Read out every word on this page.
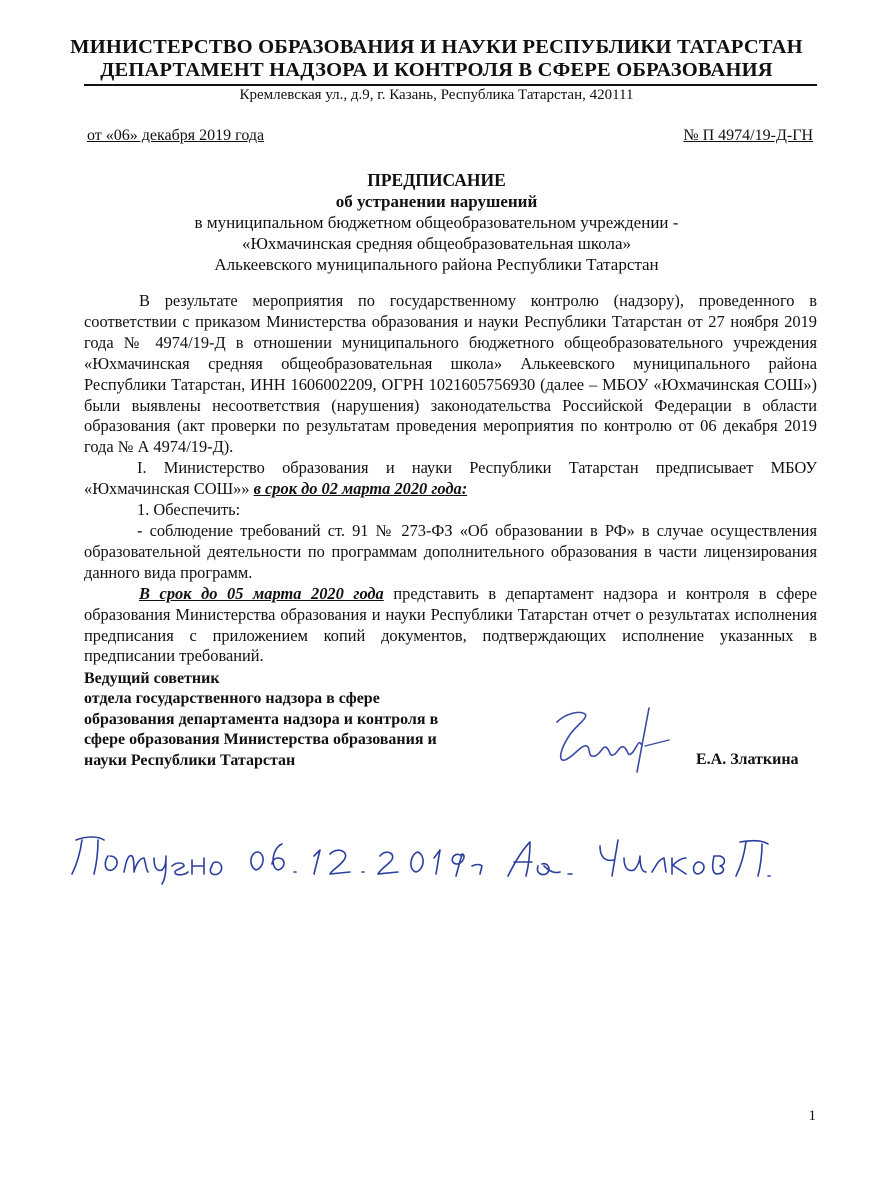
МИНИСТЕРСТВО ОБРАЗОВАНИЯ И НАУКИ РЕСПУБЛИКИ ТАТАРСТАН
ДЕПАРТАМЕНТ НАДЗОРА И КОНТРОЛЯ В СФЕРЕ ОБРАЗОВАНИЯ
Кремлевская ул., д.9, г. Казань, Республика Татарстан, 420111
от «06» декабря 2019 года	№ П 4974/19-Д-ГН
ПРЕДПИСАНИЕ
об устранении нарушений
в муниципальном бюджетном общеобразовательном учреждении -
«Юхмачинская средняя общеобразовательная школа»
Алькеевского муниципального района Республики Татарстан

В результате мероприятия по государственному контролю (надзору), проведенного в соответствии с приказом Министерства образования и науки Республики Татарстан от 27 ноября 2019 года № 4974/19-Д в отношении муниципального бюджетного общеобразовательного учреждения «Юхмачинская средняя общеобразовательная школа» Алькеевского муниципального района Республики Татарстан, ИНН 1606002209, ОГРН 1021605756930 (далее – МБОУ «Юхмачинская СОШ») были выявлены несоответствия (нарушения) законодательства Российской Федерации в области образования (акт проверки по результатам проведения мероприятия по контролю от 06 декабря 2019 года № А 4974/19-Д).

I. Министерство образования и науки Республики Татарстан предписывает МБОУ «Юхмачинская СОШ»» в срок до 02 марта 2020 года:

1. Обеспечить:

- соблюдение требований ст. 91 № 273-ФЗ «Об образовании в РФ» в случае осуществления образовательной деятельности по программам дополнительного образования в части лицензирования данного вида программ.

В срок до 05 марта 2020 года представить в департамент надзора и контроля в сфере образования Министерства образования и науки Республики Татарстан отчет о результатах исполнения предписания с приложением копий документов, подтверждающих исполнение указанных в предписании требований.

Ведущий советник
отдела государственного надзора в сфере
образования департамента надзора и контроля в
сфере образования Министерства образования и
науки Республики Татарстан	Е.А. Златкина
1
